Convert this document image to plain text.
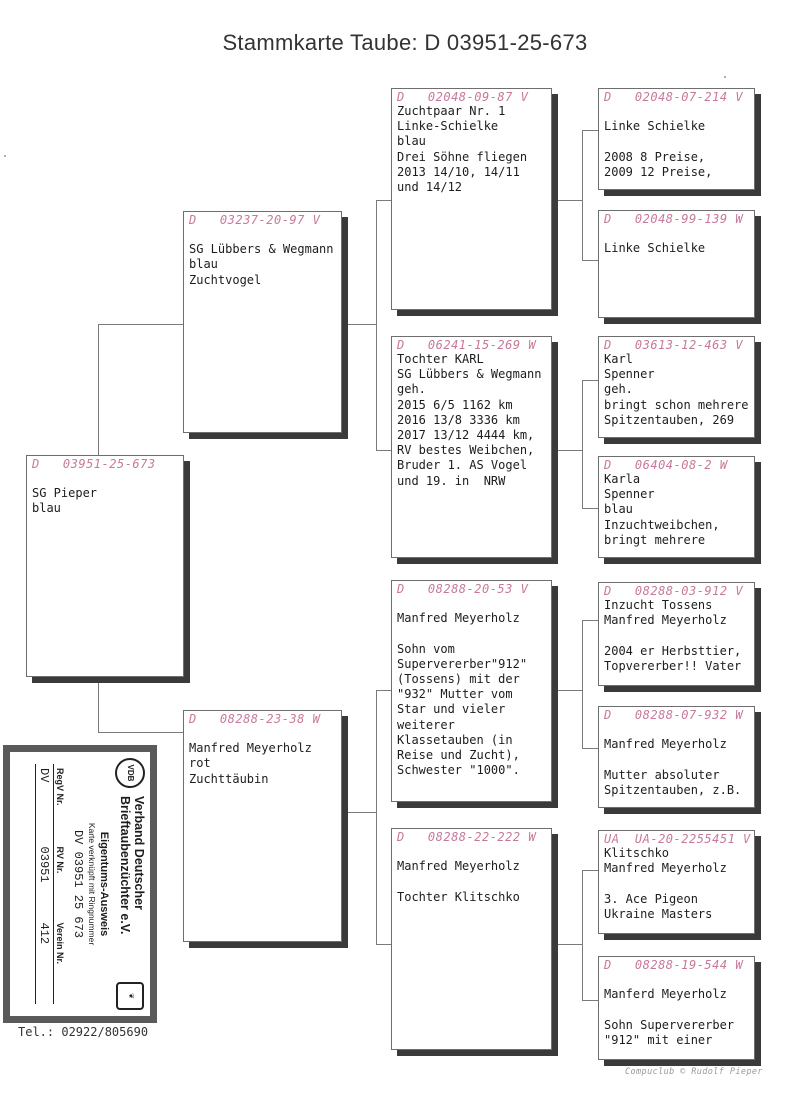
Stammkarte Taube: D 03951-25-673
D   03951-25-673
SG Pieper
blau
D   03237-20-97 V
SG Lübbers & Wegmann
blau
Zuchtvogel
D   08288-23-38 W
Manfred Meyerholz
rot
Zuchttäubin
D   02048-09-87 V
Zuchtpaar Nr. 1
Linke-Schielke
blau
Drei Söhne fliegen
2013 14/10, 14/11
und 14/12
D   06241-15-269 W
Tochter KARL
SG Lübbers & Wegmann
geh.
2015 6/5 1162 km
2016 13/8 3336 km
2017 13/12 4444 km,
RV bestes Weibchen,
Bruder 1. AS Vogel
und 19. in  NRW
D   08288-20-53 V
Manfred Meyerholz
Sohn vom
Supervererber"912"
(Tossens) mit der
"932" Mutter vom
Star und vieler
weiterer
Klassetauben (in
Reise und Zucht),
Schwester "1000".
D   08288-22-222 W
Manfred Meyerholz
Tochter Klitschko
D   02048-07-214 V
Linke Schielke
2008 8 Preise,
2009 12 Preise,
D   02048-99-139 W
Linke Schielke
D   03613-12-463 V
Karl
Spenner
geh.
bringt schon mehrere
Spitzentauben, 269
D   06404-08-2 W
Karla
Spenner
blau
Inzuchtweibchen,
bringt mehrere
D   08288-03-912 V
Inzucht Tossens
Manfred Meyerholz
2004 er Herbsttier,
Topvererber!! Vater
D   08288-07-932 W
Manfred Meyerholz
Mutter absoluter
Spitzentauben, z.B.
UA  UA-20-2255451 V
Klitschko
Manfred Meyerholz
3. Ace Pigeon
Ukraine Masters
D   08288-19-544 W
Manferd Meyerholz
Sohn Supervererber
"912" mit einer
VDB
❦
Verband Deutscher
Brieftaubenzüchter e.V.
Eigentums-Ausweis
Karte verknüpft mit Ringnummer
DV 03951 25 673
RegV Nr.	RV Nr.	Verein Nr.
DV	03951	412
Tel.: 02922/805690
Compuclub © Rudolf Pieper
